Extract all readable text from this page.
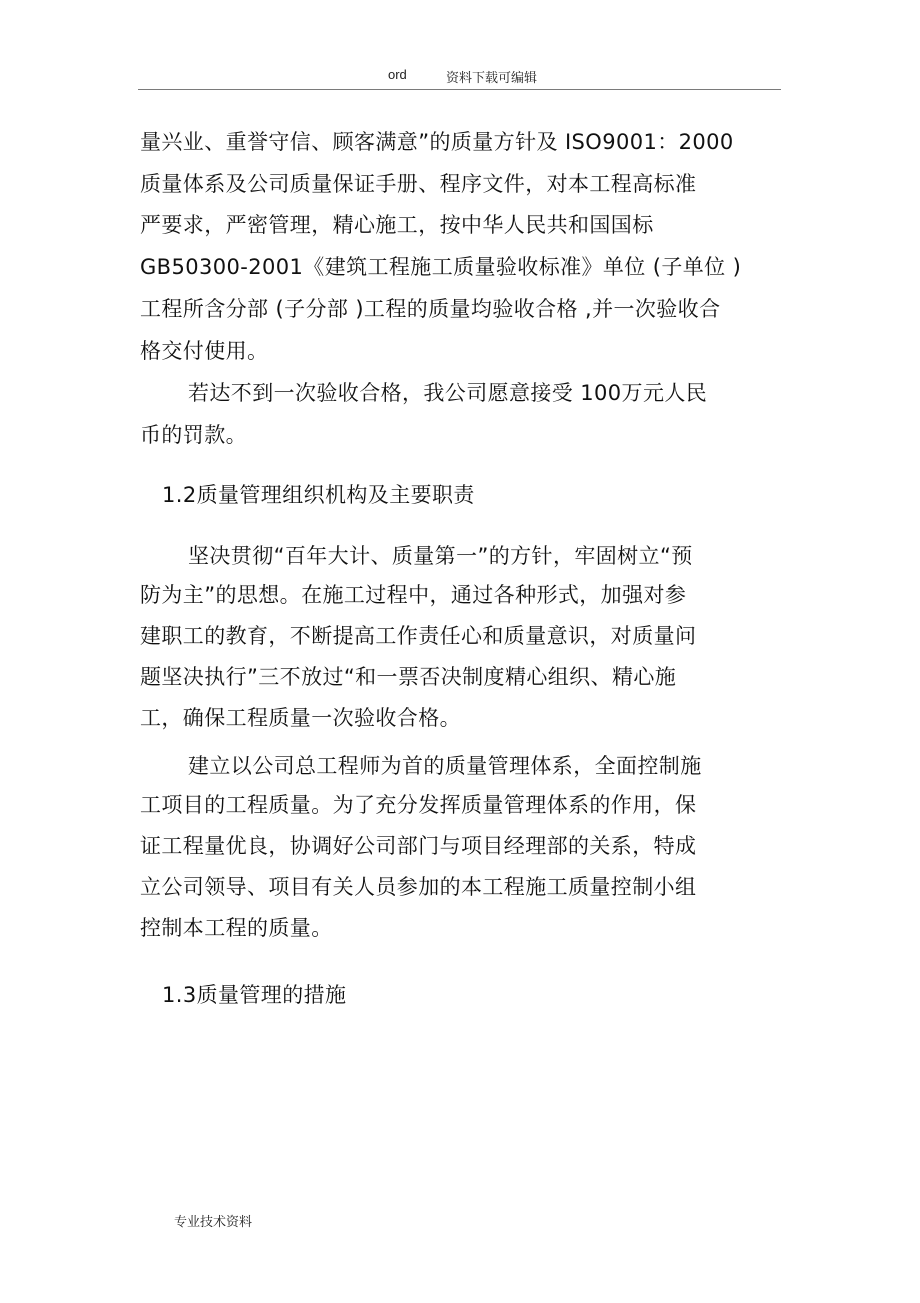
ord	资料下载可编辑
量兴业、重誉守信、顾客满意”的质量方针及 ISO9001：2000
质量体系及公司质量保证手册、程序文件，对本工程高标准
严要求，严密管理，精心施工，按中华人民共和国国标
GB50300-2001《建筑工程施工质量验收标准》单位 (子单位 )
工程所含分部 (子分部 )工程的质量均验收合格 ,并一次验收合
格交付使用。
若达不到一次验收合格，我公司愿意接受 100万元人民
币的罚款。
1.2质量管理组织机构及主要职责
坚决贯彻“百年大计、质量第一”的方针，牢固树立“预
防为主”的思想。在施工过程中，通过各种形式，加强对参
建职工的教育，不断提高工作责任心和质量意识，对质量问
题坚决执行”三不放过“和一票否决制度精心组织、精心施
工，确保工程质量一次验收合格。
建立以公司总工程师为首的质量管理体系，全面控制施
工项目的工程质量。为了充分发挥质量管理体系的作用，保
证工程量优良，协调好公司部门与项目经理部的关系，特成
立公司领导、项目有关人员参加的本工程施工质量控制小组
控制本工程的质量。
1.3质量管理的措施
专业技术资料
